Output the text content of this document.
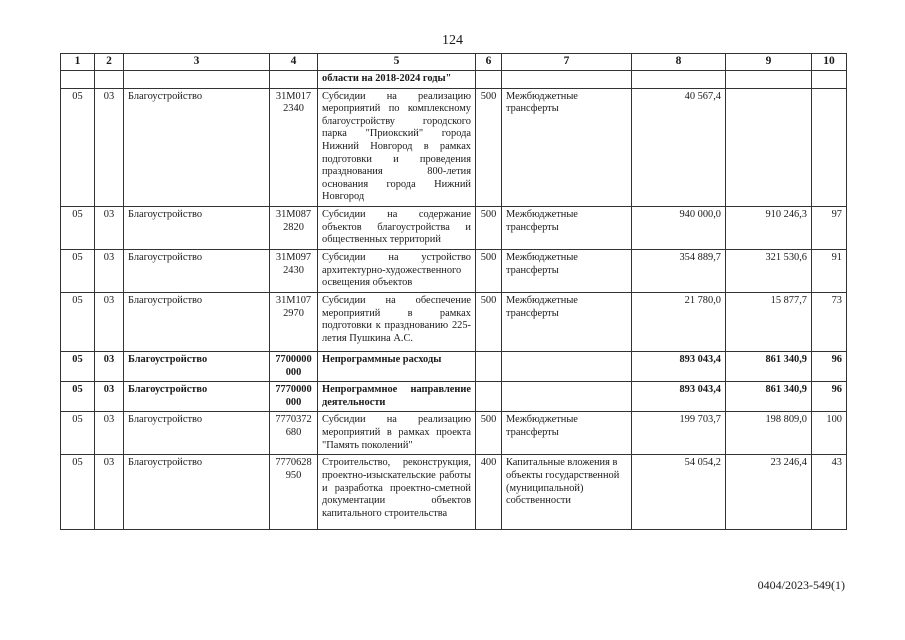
124
1	2	3	4	5	6	7	8	9	10
				области на 2018-2024 годы"					
05	03	Благоустройство	31М017 2340	Субсидии на реализацию мероприятий по комплексному благоустройству городского парка "Приокский" города Нижний Новгород в рамках подготовки и проведения празднования 800-летия основания города Нижний Новгород	500	Межбюджетные трансферты	40 567,4		
05	03	Благоустройство	31М087 2820	Субсидии на содержание объектов благоустройства и общественных территорий	500	Межбюджетные трансферты	940 000,0	910 246,3	97
05	03	Благоустройство	31М097 2430	Субсидии на устройство архитектурно-художественного освещения объектов	500	Межбюджетные трансферты	354 889,7	321 530,6	91
05	03	Благоустройство	31М107 2970	Субсидии на обеспечение мероприятий в рамках подготовки к празднованию 225-летия Пушкина А.С.	500	Межбюджетные трансферты	21 780,0	15 877,7	73
05	03	Благоустройство	7700000 000	Непрограммные расходы			893 043,4	861 340,9	96
05	03	Благоустройство	7770000 000	Непрограммное направление деятельности			893 043,4	861 340,9	96
05	03	Благоустройство	7770372 680	Субсидии на реализацию мероприятий в рамках проекта "Память поколений"	500	Межбюджетные трансферты	199 703,7	198 809,0	100
05	03	Благоустройство	7770628 950	Строительство, реконструкция, проектно-изыскательские работы и разработка проектно-сметной документации объектов капитального строительства	400	Капитальные вложения в объекты государственной (муниципальной) собственности	54 054,2	23 246,4	43
0404/2023-549(1)
